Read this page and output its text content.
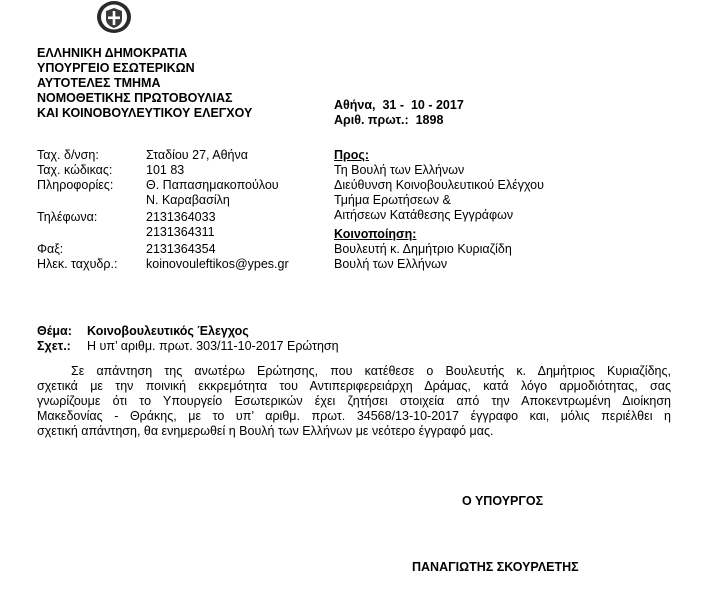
ΕΛΛΗΝΙΚΗ ΔΗΜΟΚΡΑΤΙΑ
ΥΠΟΥΡΓΕΙΟ ΕΣΩΤΕΡΙΚΩΝ
ΑΥΤΟΤΕΛΕΣ ΤΜΗΜΑ
ΝΟΜΟΘΕΤΙΚΗΣ ΠΡΩΤΟΒΟΥΛΙΑΣ
ΚΑΙ ΚΟΙΝΟΒΟΥΛΕΥΤΙΚΟΥ ΕΛΕΓΧΟΥ
Αθήνα,  31 -  10 - 2017
Αριθ. πρωτ.:  1898
Ταχ. δ/νση:	Σταδίου 27, Αθήνα
Ταχ. κώδικας:	101 83
Πληροφορίες:	Θ. Παπασημακοπούλου
Ν. Καραβασίλη
Τηλέφωνα:	2131364033
2131364311
Φαξ:	2131364354
Ηλεκ. ταχυδρ.: koinovouleftikos@ypes.gr
Προς:
Τη Βουλή των Ελλήνων
Διεύθυνση Κοινοβουλευτικού Ελέγχου
Τμήμα Ερωτήσεων &
Αιτήσεων Κατάθεσης Εγγράφων
Κοινοποίηση:
Βουλευτή κ. Δημήτριο Κυριαζίδη
Βουλή των Ελλήνων
Θέμα: Κοινοβουλευτικός Έλεγχος
Σχετ.: Η υπ’ αριθμ. πρωτ. 303/11-10-2017 Ερώτηση
Σε απάντηση της ανωτέρω Ερώτησης, που κατέθεσε ο Βουλευτής κ. Δημήτριος Κυριαζίδης,
σχετικά με την ποινική εκκρεμότητα του Αντιπεριφερειάρχη Δράμας, κατά λόγο αρμοδιότητας, σας
γνωρίζουμε ότι το Υπουργείο Εσωτερικών έχει ζητήσει στοιχεία από την Αποκεντρωμένη Διοίκηση
Μακεδονίας - Θράκης, με το υπ’ αριθμ. πρωτ. 34568/13-10-2017 έγγραφο και, μόλις περιέλθει η
σχετική απάντηση, θα ενημερωθεί η Βουλή των Ελλήνων με νεότερο έγγραφό μας.
Ο ΥΠΟΥΡΓΟΣ
ΠΑΝΑΓΙΩΤΗΣ ΣΚΟΥΡΛΕΤΗΣ
